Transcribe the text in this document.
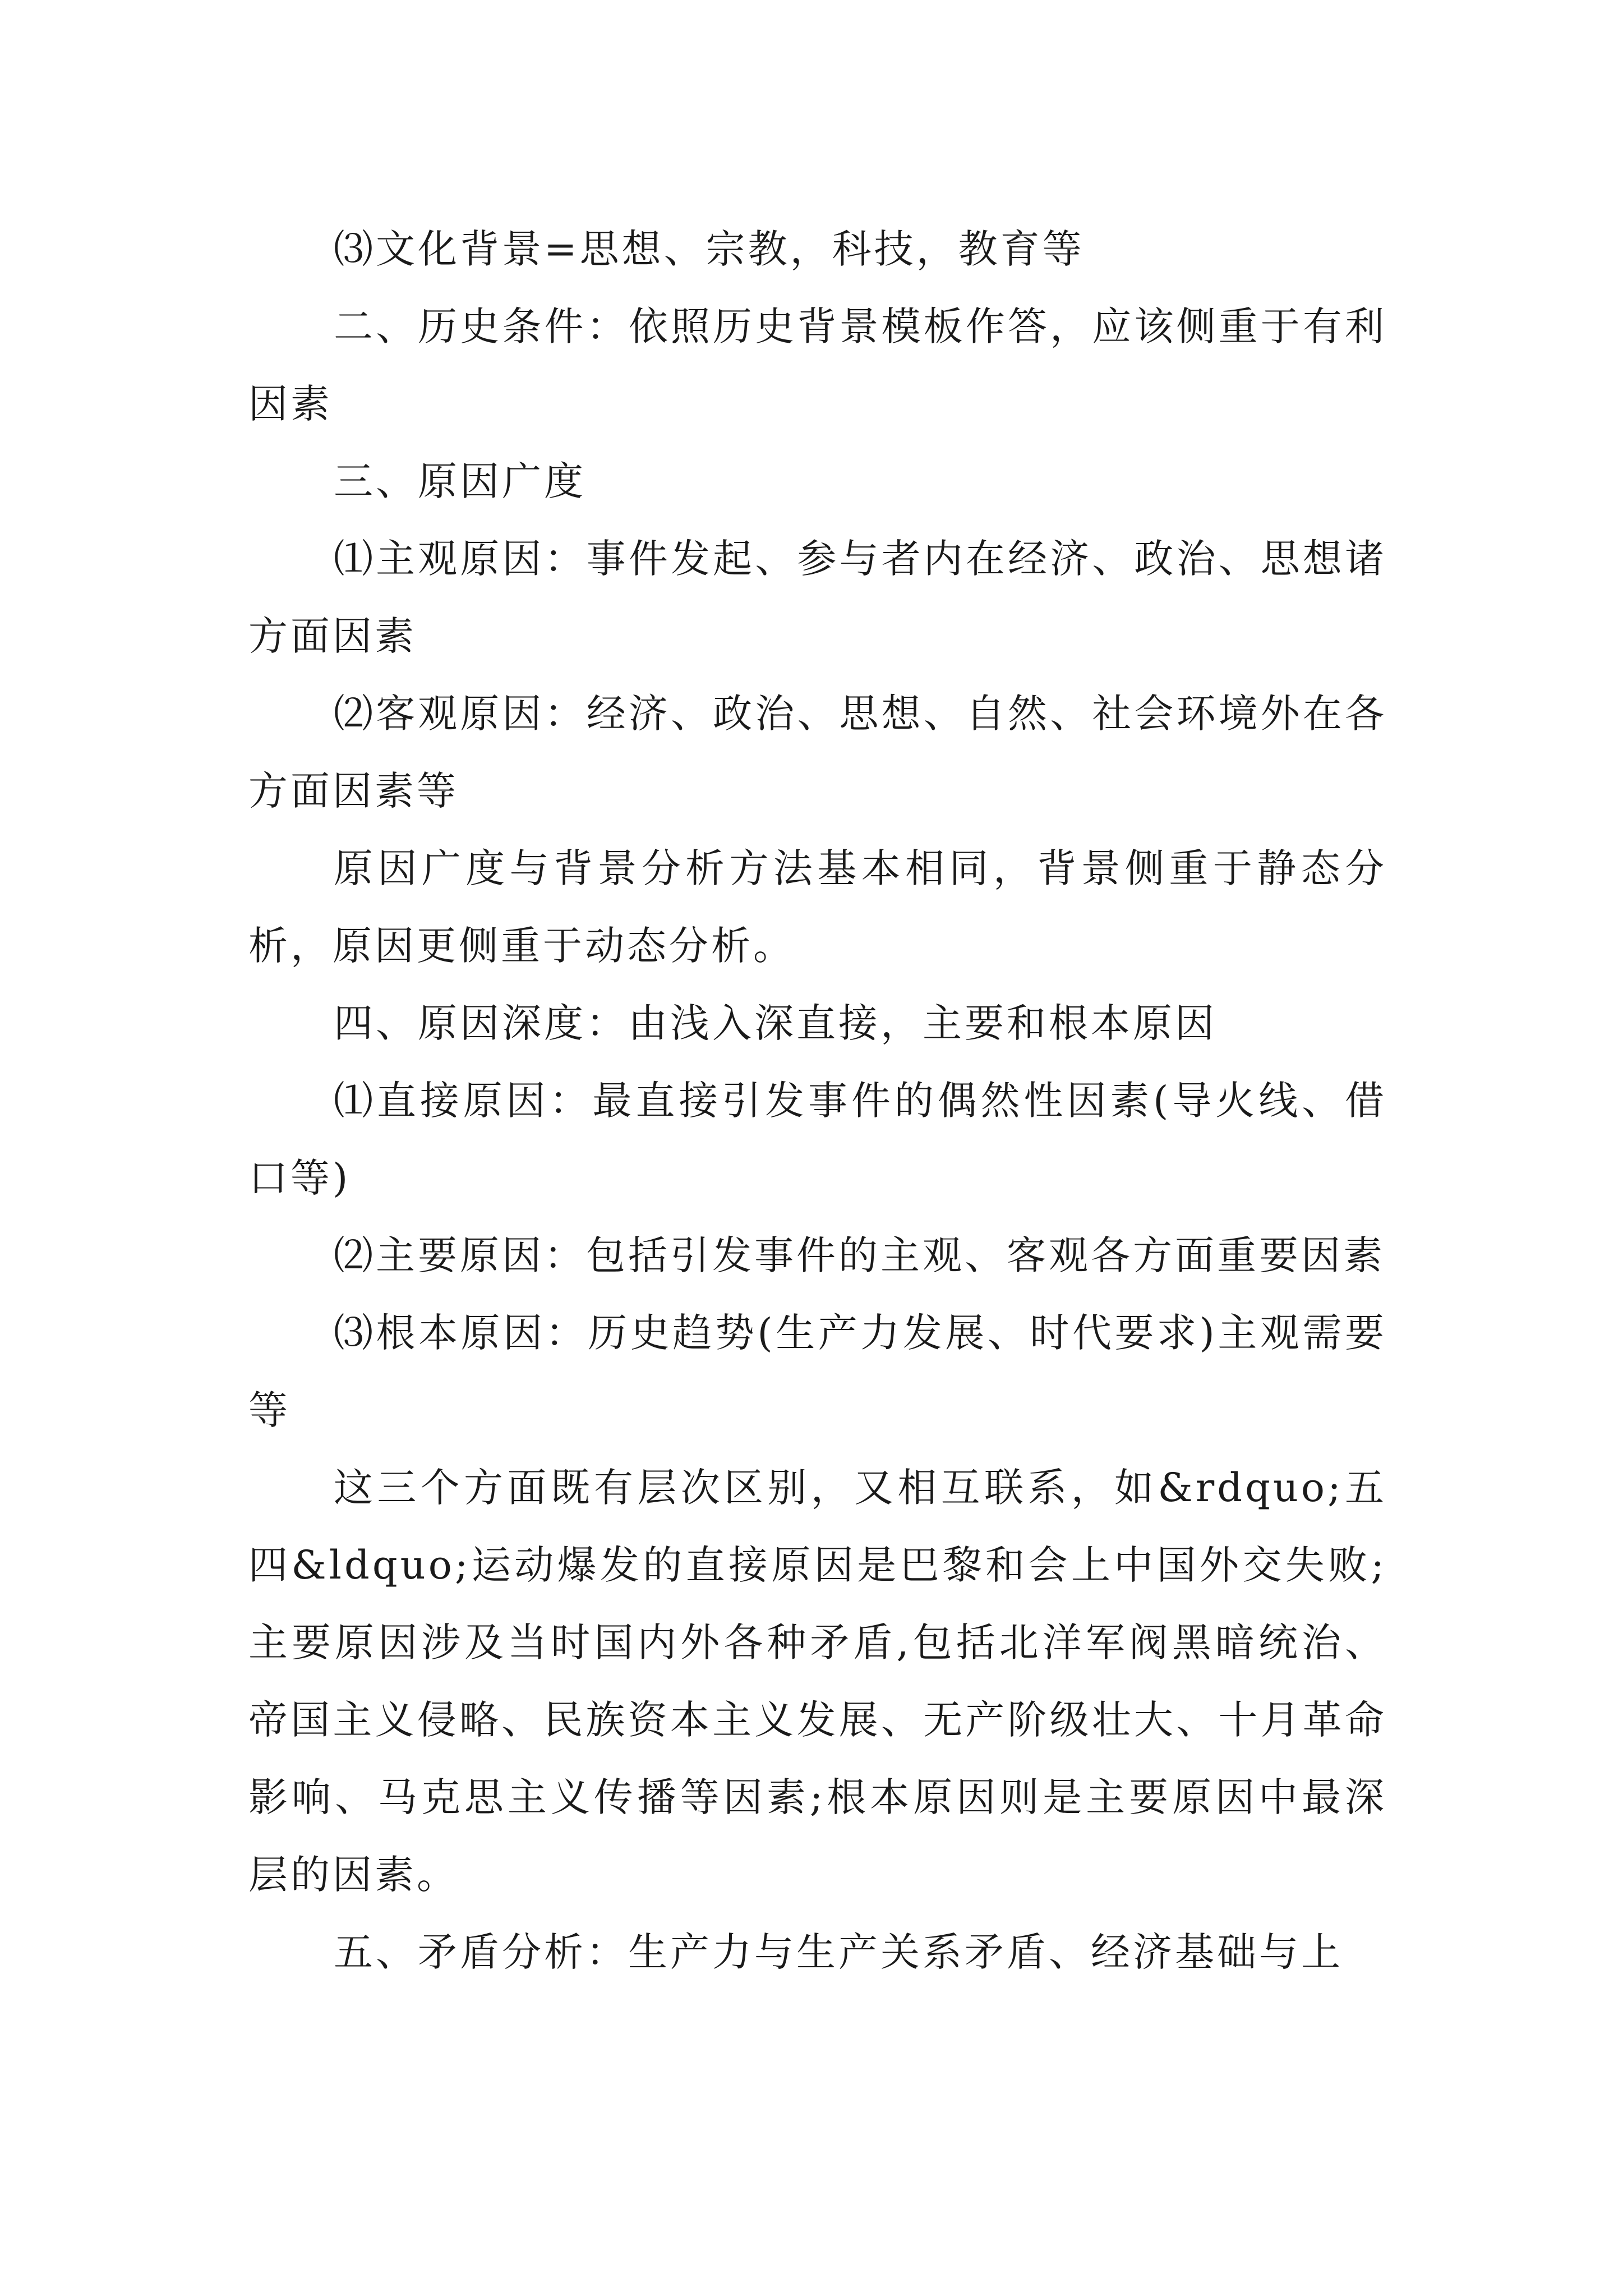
⑶文化背景=思想、宗教，科技，教育等

二、历史条件：依照历史背景模板作答，应该侧重于有利因素

三、原因广度

⑴主观原因：事件发起、参与者内在经济、政治、思想诸方面因素

⑵客观原因：经济、政治、思想、自然、社会环境外在各方面因素等

原因广度与背景分析方法基本相同，背景侧重于静态分析，原因更侧重于动态分析。

四、原因深度：由浅入深直接，主要和根本原因

⑴直接原因：最直接引发事件的偶然性因素(导火线、借口等)

⑵主要原因：包括引发事件的主观、客观各方面重要因素

⑶根本原因：历史趋势(生产力发展、时代要求)主观需要等

这三个方面既有层次区别，又相互联系，如&rdquo;五四&ldquo;运动爆发的直接原因是巴黎和会上中国外交失败;主要原因涉及当时国内外各种矛盾,包括北洋军阀黑暗统治、帝国主义侵略、民族资本主义发展、无产阶级壮大、十月革命影响、马克思主义传播等因素;根本原因则是主要原因中最深层的因素。

五、矛盾分析：生产力与生产关系矛盾、经济基础与上
